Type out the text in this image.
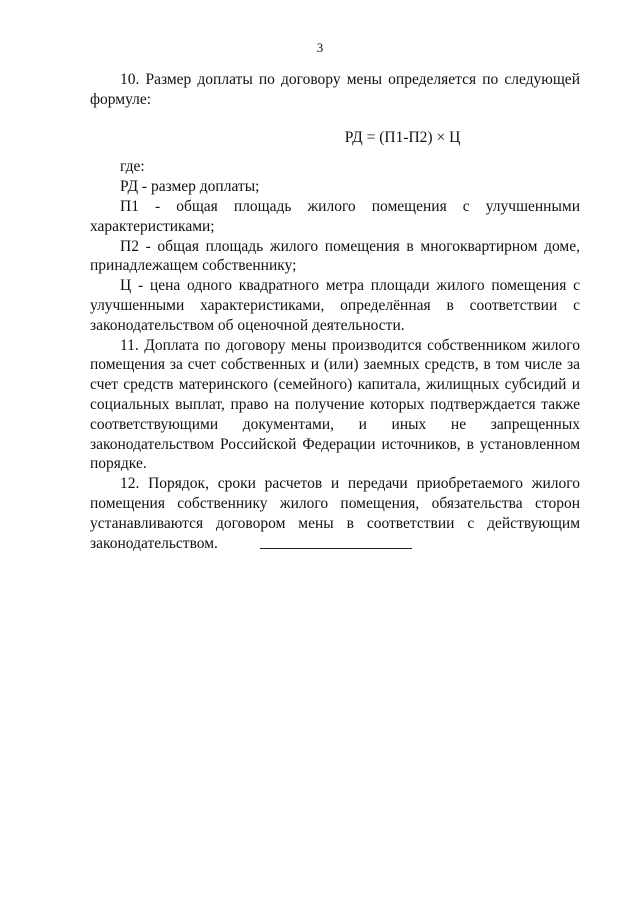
3

10. Размер доплаты по договору мены определяется по следующей формуле:

РД = (П1-П2) × Ц

где:

РД - размер доплаты;

П1 - общая площадь жилого помещения с улучшенными характеристиками;

П2 - общая площадь жилого помещения в многоквартирном доме, принадлежащем собственнику;

Ц - цена одного квадратного метра площади жилого помещения с улучшенными характеристиками, определённая в соответствии с законодательством об оценочной деятельности.

11. Доплата по договору мены производится собственником жилого помещения за счет собственных и (или) заемных средств, в том числе за счет средств материнского (семейного) капитала, жилищных субсидий и социальных выплат, право на получение которых подтверждается также соответствующими документами, и иных не запрещенных законодательством Российской Федерации источников, в установленном порядке.

12. Порядок, сроки расчетов и передачи приобретаемого жилого помещения собственнику жилого помещения, обязательства сторон устанавливаются договором мены в соответствии с действующим законодательством.
